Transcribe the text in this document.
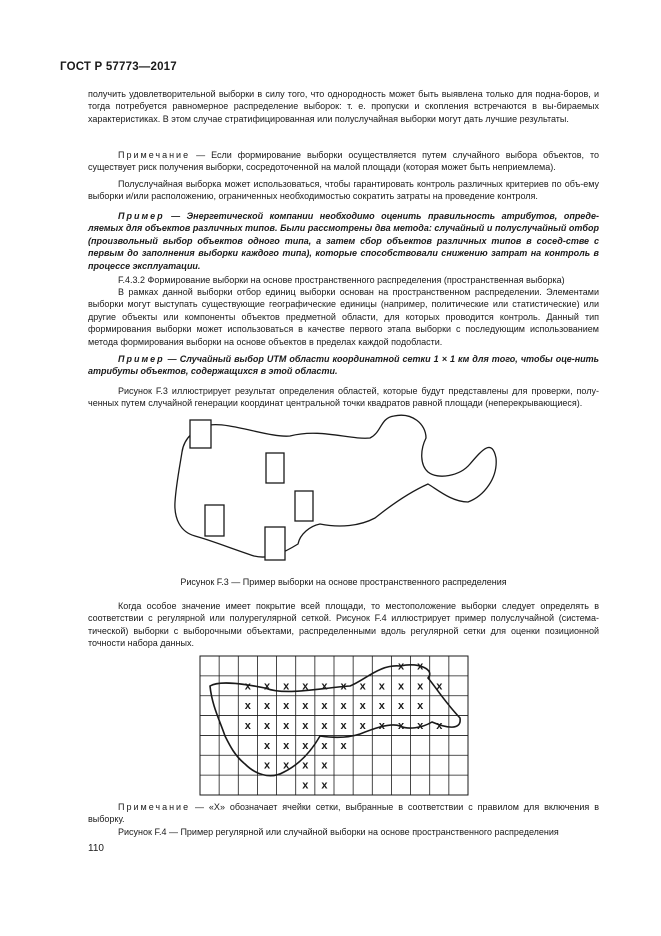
ГОСТ Р 57773—2017
получить удовлетворительной выборки в силу того, что однородность может быть выявлена только для подна-боров, и тогда потребуется равномерное распределение выборок: т. е. пропуски и скопления встречаются в вы-бираемых характеристиках. В этом случае стратифицированная или полуслучайная выборки могут дать лучшие результаты.
Примечание — Если формирование выборки осуществляется путем случайного выбора объектов, то существует риск получения выборки, сосредоточенной на малой площади (которая может быть неприемлема).
Полуслучайная выборка может использоваться, чтобы гарантировать контроль различных критериев по объ-ему выборки и/или расположению, ограниченных необходимостью сократить затраты на проведение контроля.
Пример — Энергетической компании необходимо оценить правильность атрибутов, опреде-ляемых для объектов различных типов. Были рассмотрены два метода: случайный и полуслучайный отбор (произвольный выбор объектов одного типа, а затем сбор объектов различных типов в сосед-стве с первым до заполнения выборки каждого типа), которые способствовали снижению затрат на контроль в процессе эксплуатации.
F.4.3.2 Формирование выборки на основе пространственного распределения (пространственная выборка)
В рамках данной выборки отбор единиц выборки основан на пространственном распределении. Элементами выборки могут выступать существующие географические единицы (например, политические или статистические) или другие объекты или компоненты объектов предметной области, для которых проводится контроль. Данный тип формирования выборки может использоваться в качестве первого этапа выборки с последующим использованием метода формирования выборки на основе объектов в пределах каждой подобласти.
Пример — Случайный выбор UTM области координатной сетки 1 × 1 км для того, чтобы оце-нить атрибуты объектов, содержащихся в этой области.
Рисунок F.3 иллюстрирует результат определения областей, которые будут представлены для проверки, полу-ченных путем случайной генерации координат центральной точки квадратов равной площади (неперекрывающиеся).
Рисунок F.3 — Пример выборки на основе пространственного распределения
Когда особое значение имеет покрытие всей площади, то местоположение выборки следует определять в соответствии с регулярной или полурегулярной сеткой. Рисунок F.4 иллюстрирует пример полуслучайной (система-тической) выборки с выборочными объектами, распределенными вдоль регулярной сетки для оценки позиционной точности набора данных.
x x
x x x x x x x x x x x
x x x x x x x x x x
x x x x x x x x x x x
x x x x x
x x x x
x x
Примечание — «X» обозначает ячейки сетки, выбранные в соответствии с правилом для включения в выборку.
Рисунок F.4 — Пример регулярной или случайной выборки на основе пространственного распределения
110
